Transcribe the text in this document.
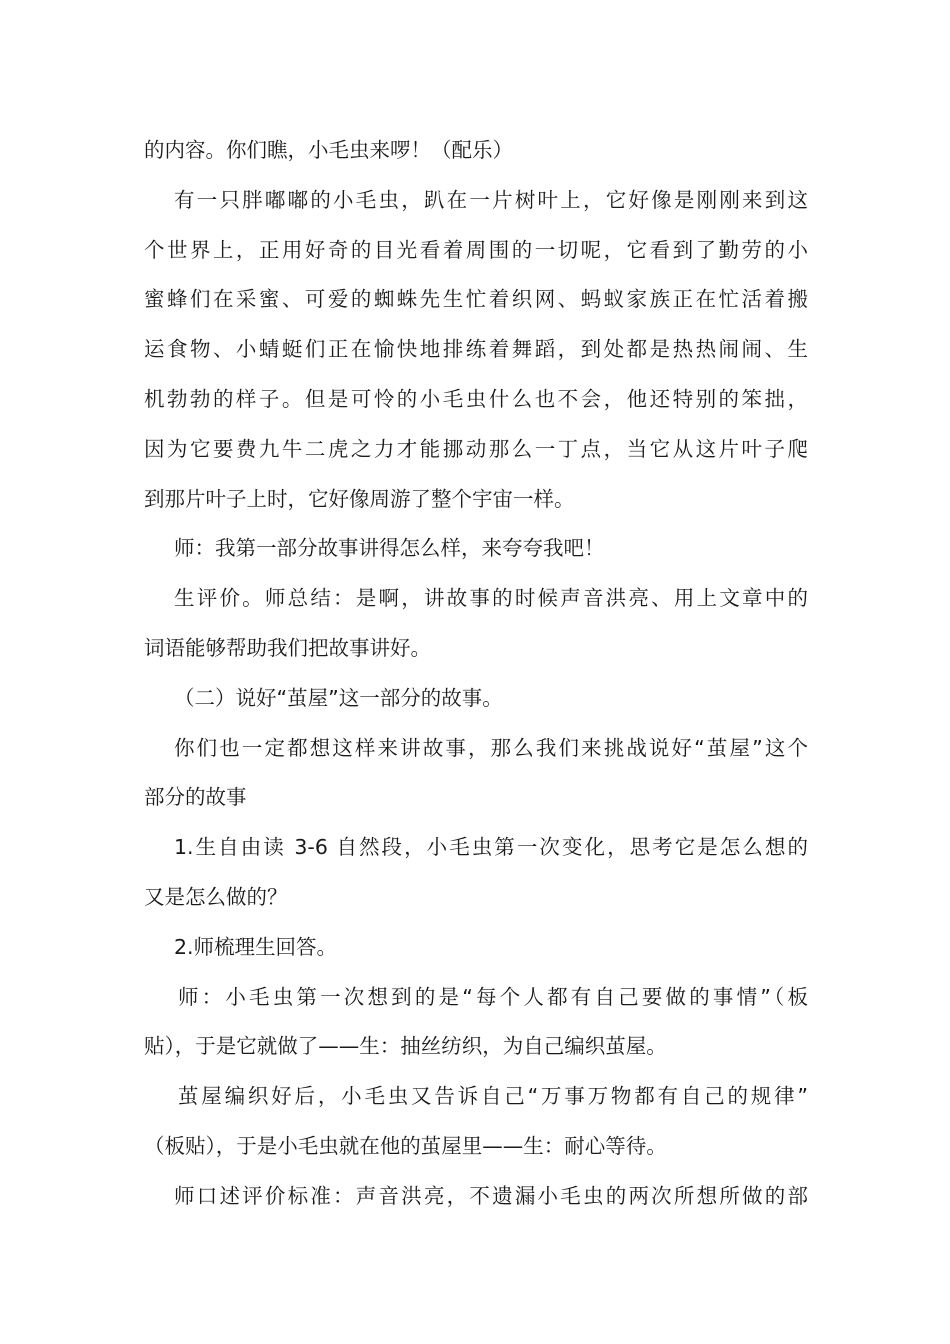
的内容。你们瞧，小毛虫来啰！（配乐）
有一只胖嘟嘟的小毛虫，趴在一片树叶上，它好像是刚刚来到这
个世界上，正用好奇的目光看着周围的一切呢，它看到了勤劳的小
蜜蜂们在采蜜、可爱的蜘蛛先生忙着织网、蚂蚁家族正在忙活着搬
运食物、小蜻蜓们正在愉快地排练着舞蹈，到处都是热热闹闹、生
机勃勃的样子。但是可怜的小毛虫什么也不会，他还特别的笨拙，
因为它要费九牛二虎之力才能挪动那么一丁点，当它从这片叶子爬
到那片叶子上时，它好像周游了整个宇宙一样。
师：我第一部分故事讲得怎么样，来夸夸我吧！
生评价。师总结：是啊，讲故事的时候声音洪亮、用上文章中的
词语能够帮助我们把故事讲好。
（二）说好“茧屋”这一部分的故事。
你们也一定都想这样来讲故事，那么我们来挑战说好“茧屋”这个
部分的故事
1.生自由读 3-6 自然段，小毛虫第一次变化，思考它是怎么想的
又是怎么做的？
2.师梳理生回答。
师：小毛虫第一次想到的是“每个人都有自己要做的事情”（板
贴），于是它就做了——生：抽丝纺织，为自己编织茧屋。
茧屋编织好后，小毛虫又告诉自己“万事万物都有自己的规律”
（板贴），于是小毛虫就在他的茧屋里——生：耐心等待。
师口述评价标准：声音洪亮，不遗漏小毛虫的两次所想所做的部
